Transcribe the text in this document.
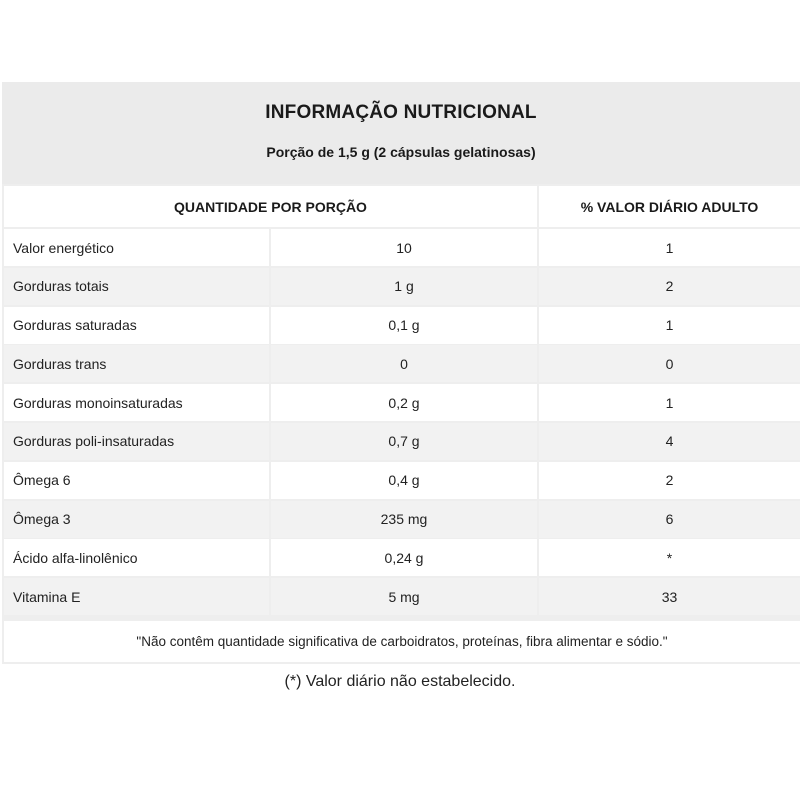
INFORMAÇÃO NUTRICIONAL
Porção de 1,5 g (2 cápsulas gelatinosas)
QUANTIDADE POR PORÇÃO	% VALOR DIÁRIO ADULTO
Valor energético	10	1
Gorduras totais	1 g	2
Gorduras saturadas	0,1 g	1
Gorduras trans	0	0
Gorduras monoinsaturadas	0,2 g	1
Gorduras poli-insaturadas	0,7 g	4
Ômega 6	0,4 g	2
Ômega 3	235 mg	6
Ácido alfa-linolênico	0,24 g	*
Vitamina E	5 mg	33
"Não contêm quantidade significativa de carboidratos, proteínas, fibra alimentar e sódio."
(*) Valor diário não estabelecido.
